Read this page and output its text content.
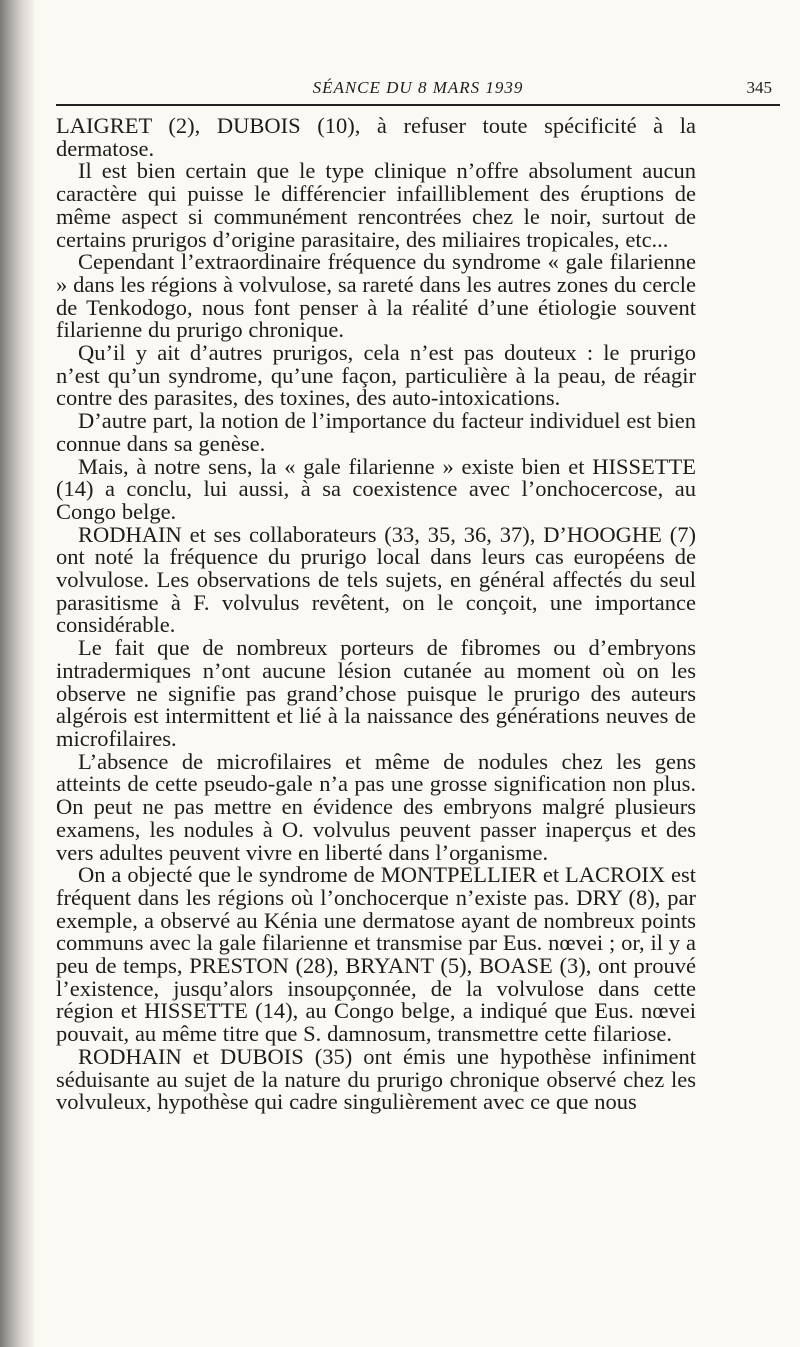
SÉANCE DU 8 MARS 1939	345

LAIGRET (2), DUBOIS (10), à refuser toute spécificité à la dermatose.

Il est bien certain que le type clinique n’offre absolument aucun caractère qui puisse le différencier infailliblement des éruptions de même aspect si communément rencontrées chez le noir, surtout de certains prurigos d’origine parasitaire, des miliaires tropicales, etc...

Cependant l’extraordinaire fréquence du syndrome « gale filarienne » dans les régions à volvulose, sa rareté dans les autres zones du cercle de Tenkodogo, nous font penser à la réalité d’une étiologie souvent filarienne du prurigo chronique.

Qu’il y ait d’autres prurigos, cela n’est pas douteux : le prurigo n’est qu’un syndrome, qu’une façon, particulière à la peau, de réagir contre des parasites, des toxines, des auto-intoxications.

D’autre part, la notion de l’importance du facteur individuel est bien connue dans sa genèse.

Mais, à notre sens, la « gale filarienne » existe bien et HISSETTE (14) a conclu, lui aussi, à sa coexistence avec l’onchocercose, au Congo belge.

RODHAIN et ses collaborateurs (33, 35, 36, 37), D’HOOGHE (7) ont noté la fréquence du prurigo local dans leurs cas européens de volvulose. Les observations de tels sujets, en général affectés du seul parasitisme à F. volvulus revêtent, on le conçoit, une importance considérable.

Le fait que de nombreux porteurs de fibromes ou d’embryons intradermiques n’ont aucune lésion cutanée au moment où on les observe ne signifie pas grand’chose puisque le prurigo des auteurs algérois est intermittent et lié à la naissance des générations neuves de microfilaires.

L’absence de microfilaires et même de nodules chez les gens atteints de cette pseudo-gale n’a pas une grosse signification non plus. On peut ne pas mettre en évidence des embryons malgré plusieurs examens, les nodules à O. volvulus peuvent passer inaperçus et des vers adultes peuvent vivre en liberté dans l’organisme.

On a objecté que le syndrome de MONTPELLIER et LACROIX est fréquent dans les régions où l’onchocerque n’existe pas. DRY (8), par exemple, a observé au Kénia une dermatose ayant de nombreux points communs avec la gale filarienne et transmise par Eus. nœvei ; or, il y a peu de temps, PRESTON (28), BRYANT (5), BOASE (3), ont prouvé l’existence, jusqu’alors insoupçonnée, de la volvulose dans cette région et HISSETTE (14), au Congo belge, a indiqué que Eus. nœvei pouvait, au même titre que S. damnosum, transmettre cette filariose.

RODHAIN et DUBOIS (35) ont émis une hypothèse infiniment séduisante au sujet de la nature du prurigo chronique observé chez les volvuleux, hypothèse qui cadre singulièrement avec ce que nous
